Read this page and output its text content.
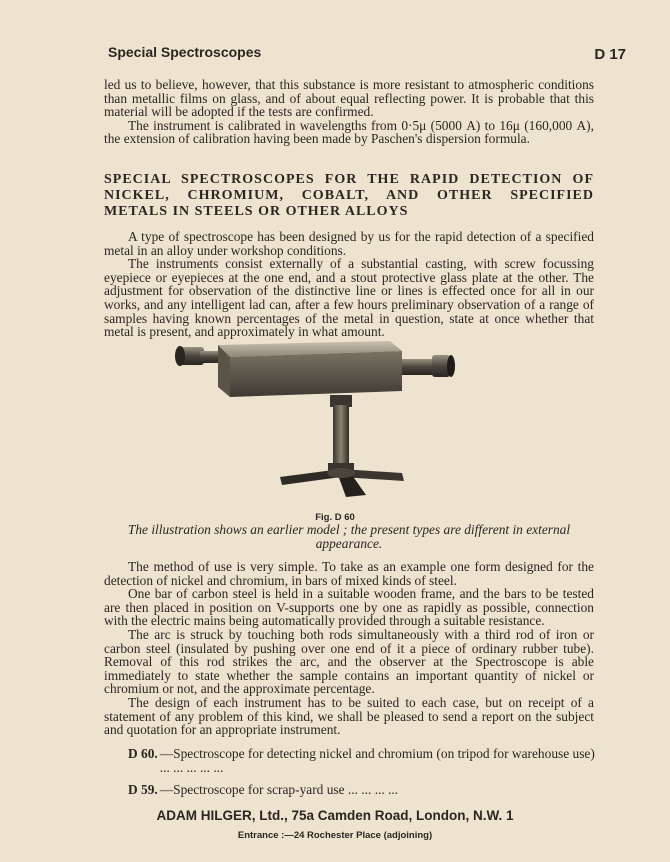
Special Spectroscopes	D 17

led us to believe, however, that this substance is more resistant to atmospheric conditions than metallic films on glass, and of about equal reflecting power. It is probable that this material will be adopted if the tests are confirmed.

The instrument is calibrated in wavelengths from 0·5μ (5000 A) to 16μ (160,000 A), the extension of calibration having been made by Paschen's dispersion formula.

SPECIAL SPECTROSCOPES FOR THE RAPID DETECTION OF NICKEL, CHROMIUM, COBALT, AND OTHER SPECIFIED METALS IN STEELS OR OTHER ALLOYS

A type of spectroscope has been designed by us for the rapid detection of a specified metal in an alloy under workshop conditions.

The instruments consist externally of a substantial casting, with screw focussing eyepiece or eyepieces at the one end, and a stout protective glass plate at the other. The adjustment for observation of the distinctive line or lines is effected once for all in our works, and any intelligent lad can, after a few hours preliminary observation of a range of samples having known percentages of the metal in question, state at once whether that metal is present, and approximately in what amount.

Fig. D 60
The illustration shows an earlier model ; the present types are different in external appearance.

The method of use is very simple. To take as an example one form designed for the detection of nickel and chromium, in bars of mixed kinds of steel.

One bar of carbon steel is held in a suitable wooden frame, and the bars to be tested are then placed in position on V-supports one by one as rapidly as possible, connection with the electric mains being automatically provided through a suitable resistance.

The arc is struck by touching both rods simultaneously with a third rod of iron or carbon steel (insulated by pushing over one end of it a piece of ordinary rubber tube). Removal of this rod strikes the arc, and the observer at the Spectroscope is able immediately to state whether the sample contains an important quantity of nickel or chromium or not, and the approximate percentage.

The design of each instrument has to be suited to each case, but on receipt of a statement of any problem of this kind, we shall be pleased to send a report on the subject and quotation for an appropriate instrument.

D 60. —Spectroscope for detecting nickel and chromium (on tripod for warehouse use) ... ... ... ... ...
D 59. —Spectroscope for scrap-yard use ... ... ... ...
ADAM HILGER, Ltd., 75a Camden Road, London, N.W. 1
Entrance :—24 Rochester Place (adjoining)
